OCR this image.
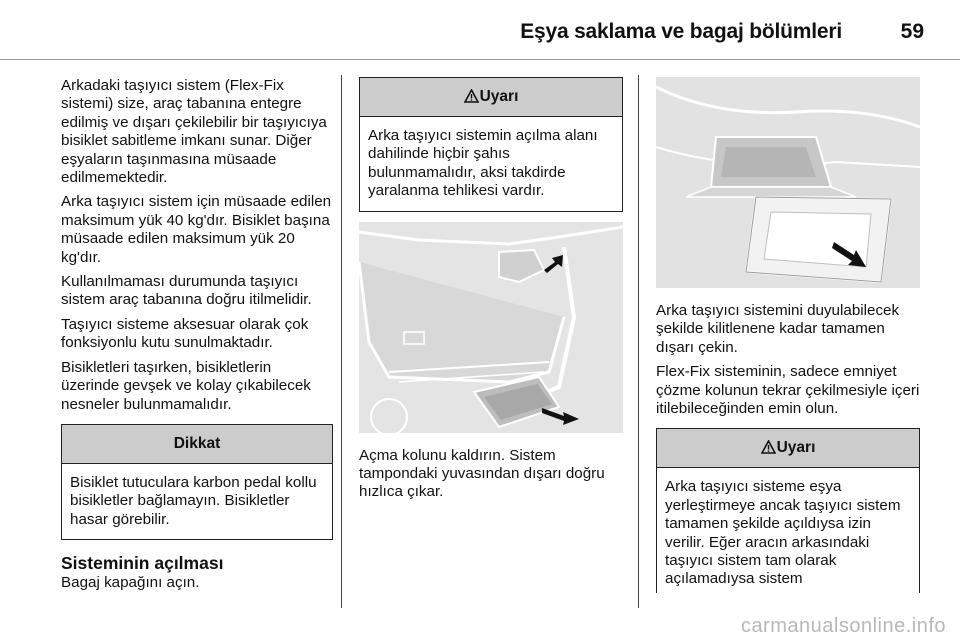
Eşya saklama ve bagaj bölümleri	59

Arkadaki taşıyıcı sistem (Flex-Fix sistemi) size, araç tabanına entegre edilmiş ve dışarı çekilebilir bir taşıyıcıya bisiklet sabitleme imkanı sunar. Diğer eşyaların taşınmasına müsaade edilmemektedir.

Arka taşıyıcı sistem için müsaade edilen maksimum yük 40 kg'dır. Bisiklet başına müsaade edilen maksimum yük 20 kg'dır.

Kullanılmaması durumunda taşıyıcı sistem araç tabanına doğru itilmelidir.

Taşıyıcı sisteme aksesuar olarak çok fonksiyonlu kutu sunulmaktadır.

Bisikletleri taşırken, bisikletlerin üzerinde gevşek ve kolay çıkabilecek nesneler bulunmamalıdır.

Dikkat
Bisiklet tutuculara karbon pedal kollu bisikletler bağlamayın. Bisikletler hasar görebilir.
Sisteminin açılması
Bagaj kapağını açın.
Uyarı
Arka taşıyıcı sistemin açılma alanı dahilinde hiçbir şahıs bulunmamalıdır, aksi takdirde yaralanma tehlikesi vardır.

Açma kolunu kaldırın. Sistem tampondaki yuvasından dışarı doğru hızlıca çıkar.

Arka taşıyıcı sistemini duyulabilecek şekilde kilitlenene kadar tamamen dışarı çekin.

Flex-Fix sisteminin, sadece emniyet çözme kolunun tekrar çekilmesiyle içeri itilebileceğinden emin olun.

Uyarı
Arka taşıyıcı sisteme eşya yerleştirmeye ancak taşıyıcı sistem tamamen şekilde açıldıysa izin verilir. Eğer aracın arkasındaki taşıyıcı sistem tam olarak açılamadıysa sistem
carmanualsonline.info
